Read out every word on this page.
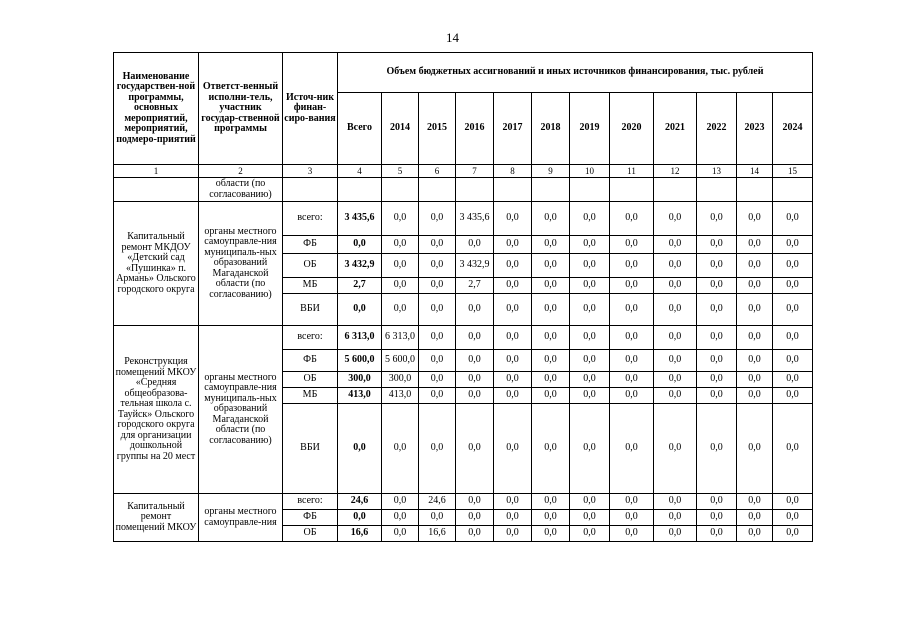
14
Наименование государствен-ной программы, основных мероприятий, мероприятий, подмеро-приятий	Ответст-венный исполни-тель, участник государ-ственной программы	Источ-ник финан-сиро-вания	Объем бюджетных ассигнований и иных источников финансирования, тыс. рублей											
			Всего	2014	2015	2016	2017	2018	2019	2020	2021	2022	2023	2024
1	2	3	4	5	6	7	8	9	10	11	12	13	14	15
	области (по согласованию)													
Капитальный ремонт МКДОУ «Детский сад «Пушинка» п. Армань» Ольского городского округа	органы местного самоуправле-ния муниципаль-ных образований Магаданской области (по согласованию)	всего:	3 435,6	0,0	0,0	3 435,6	0,0	0,0	0,0	0,0	0,0	0,0	0,0	0,0
		ФБ	0,0	0,0	0,0	0,0	0,0	0,0	0,0	0,0	0,0	0,0	0,0	0,0
		ОБ	3 432,9	0,0	0,0	3 432,9	0,0	0,0	0,0	0,0	0,0	0,0	0,0	0,0
		МБ	2,7	0,0	0,0	2,7	0,0	0,0	0,0	0,0	0,0	0,0	0,0	0,0
		ВБИ	0,0	0,0	0,0	0,0	0,0	0,0	0,0	0,0	0,0	0,0	0,0	0,0
Реконструкция помещений МКОУ «Средняя общеобразова-тельная школа с. Тауйск» Ольского городского округа для организации дошкольной группы на 20 мест	органы местного самоуправле-ния муниципаль-ных образований Магаданской области (по согласованию)	всего:	6 313,0	6 313,0	0,0	0,0	0,0	0,0	0,0	0,0	0,0	0,0	0,0	0,0
		ФБ	5 600,0	5 600,0	0,0	0,0	0,0	0,0	0,0	0,0	0,0	0,0	0,0	0,0
		ОБ	300,0	300,0	0,0	0,0	0,0	0,0	0,0	0,0	0,0	0,0	0,0	0,0
		МБ	413,0	413,0	0,0	0,0	0,0	0,0	0,0	0,0	0,0	0,0	0,0	0,0
		ВБИ	0,0	0,0	0,0	0,0	0,0	0,0	0,0	0,0	0,0	0,0	0,0	0,0
Капитальный ремонт помещений МКОУ	органы местного самоуправле-ния	всего:	24,6	0,0	24,6	0,0	0,0	0,0	0,0	0,0	0,0	0,0	0,0	0,0
		ФБ	0,0	0,0	0,0	0,0	0,0	0,0	0,0	0,0	0,0	0,0	0,0	0,0
		ОБ	16,6	0,0	16,6	0,0	0,0	0,0	0,0	0,0	0,0	0,0	0,0	0,0
